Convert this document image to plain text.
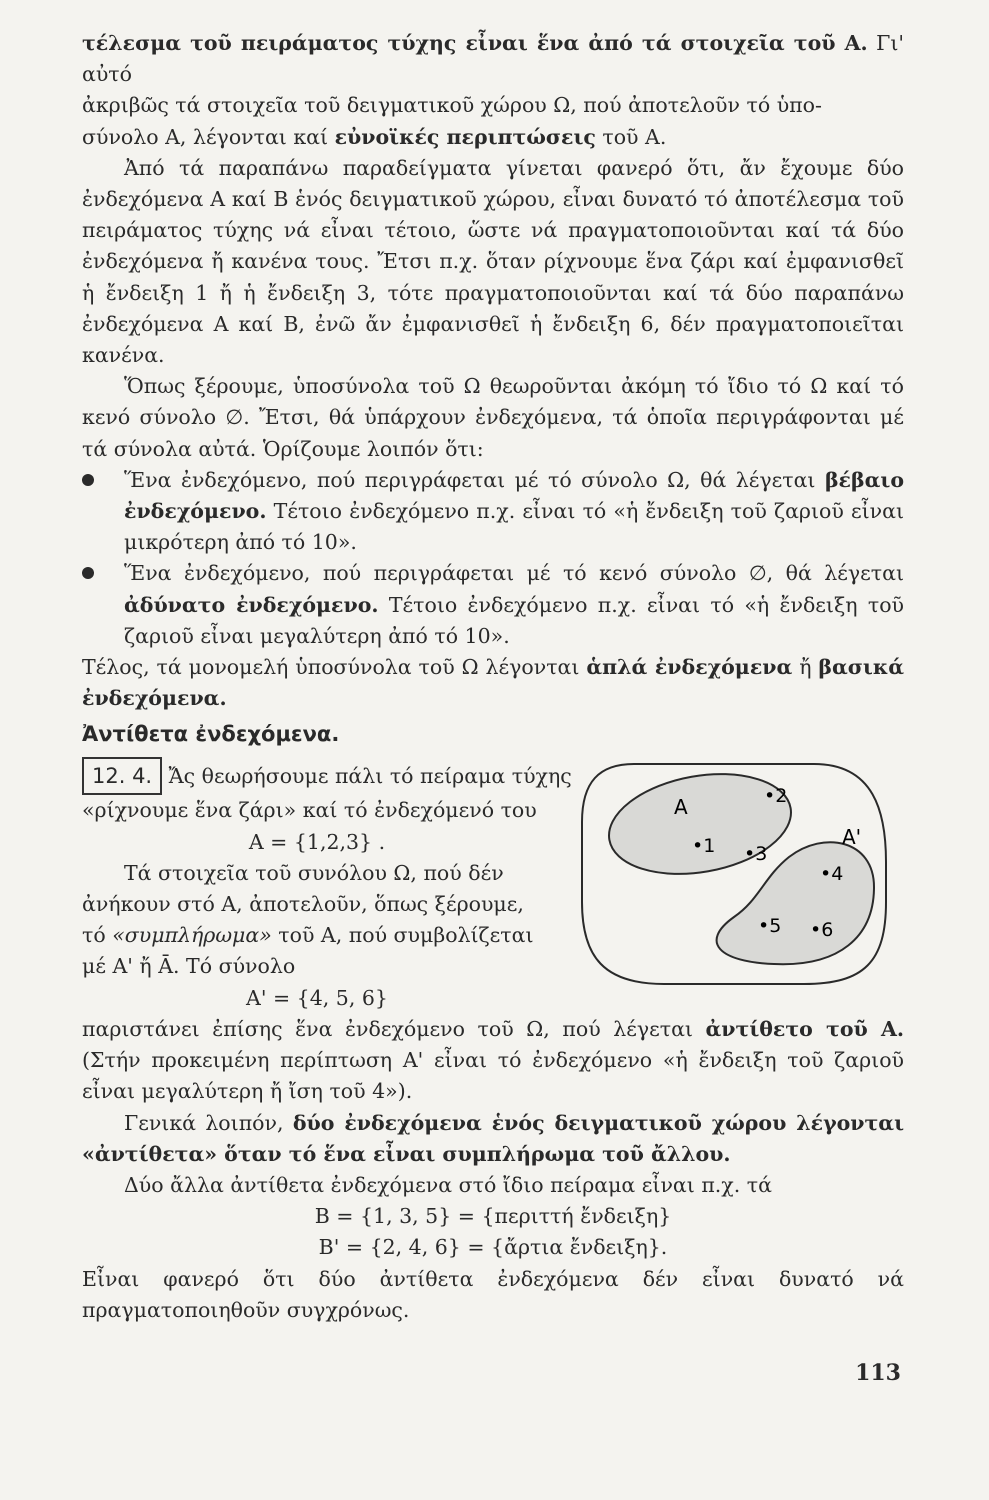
τέλεσμα τοῦ πειράματος τύχης εἶναι ἕνα ἀπό τά στοιχεῖα τοῦ Α. Γι' αὐτό

ἀκριβῶς τά στοιχεῖα τοῦ δειγματικοῦ χώρου Ω, πού ἀποτελοῦν τό ὑπο-

σύνολο Α, λέγονται καί εὐνοϊκές περιπτώσεις τοῦ Α.

Ἀπό τά παραπάνω παραδείγματα γίνεται φανερό ὅτι, ἄν ἔχουμε δύο ἐνδεχόμενα Α καί Β ἑνός δειγματικοῦ χώρου, εἶναι δυνατό τό ἀποτέλεσμα τοῦ πειράματος τύχης νά εἶναι τέτοιο, ὥστε νά πραγματοποιοῦνται καί τά δύο ἐνδεχόμενα ἤ κανένα τους. Ἔτσι π.χ. ὅταν ρίχνουμε ἕνα ζάρι καί ἐμφανισθεῖ ἡ ἔνδειξη 1 ἤ ἡ ἔνδειξη 3, τότε πραγματοποιοῦνται καί τά δύο παραπάνω ἐνδεχόμενα Α καί Β, ἐνῶ ἄν ἐμφανισθεῖ ἡ ἔνδειξη 6, δέν πραγματοποιεῖται κανένα.

Ὅπως ξέρουμε, ὑποσύνολα τοῦ Ω θεωροῦνται ἀκόμη τό ἴδιο τό Ω καί τό κενό σύνολο ∅. Ἔτσι, θά ὑπάρχουν ἐνδεχόμενα, τά ὁποῖα περιγράφονται μέ τά σύνολα αὐτά. Ὁρίζουμε λοιπόν ὅτι:

Ἕνα ἐνδεχόμενο, πού περιγράφεται μέ τό σύνολο Ω, θά λέγεται βέβαιο ἐνδεχόμενο. Τέτοιο ἐνδεχόμενο π.χ. εἶναι τό «ἡ ἔνδειξη τοῦ ζαριοῦ εἶναι μικρότερη ἀπό τό 10».
Ἕνα ἐνδεχόμενο, πού περιγράφεται μέ τό κενό σύνολο ∅, θά λέγεται ἀδύνατο ἐνδεχόμενο. Τέτοιο ἐνδεχόμενο π.χ. εἶναι τό «ἡ ἔνδειξη τοῦ ζαριοῦ εἶναι μεγαλύτερη ἀπό τό 10».

Τέλος, τά μονομελή ὑποσύνολα τοῦ Ω λέγονται ἁπλά ἐνδεχόμενα ἤ βασικά ἐνδεχόμενα.

Ἀντίθετα ἐνδεχόμενα.

12. 4. Ἄς θεωρήσουμε πάλι τό πείραμα τύχης

«ρίχνουμε ἕνα ζάρι» καί τό ἐνδεχόμενό του

Α = {1,2,3} .

Τά στοιχεῖα τοῦ συνόλου Ω, πού δέν

ἀνήκουν στό Α, ἀποτελοῦν, ὅπως ξέρουμε,

τό «συμπλήρωμα» τοῦ Α, πού συμβολίζεται

μέ Α' ἤ Ā. Τό σύνολο

Α' = {4, 5, 6}

παριστάνει ἐπίσης ἕνα ἐνδεχόμενο τοῦ Ω, πού λέγεται ἀντίθετο τοῦ Α. (Στήν προκειμένη περίπτωση Α' εἶναι τό ἐνδεχόμενο «ἡ ἔνδειξη τοῦ ζαριοῦ εἶναι μεγαλύτερη ἤ ἴση τοῦ 4»).

Γενικά λοιπόν, δύο ἐνδεχόμενα ἑνός δειγματικοῦ χώρου λέγονται «ἀντίθετα» ὅταν τό ἕνα εἶναι συμπλήρωμα τοῦ ἄλλου.

Δύο ἄλλα ἀντίθετα ἐνδεχόμενα στό ἴδιο πείραμα εἶναι π.χ. τά

Β = {1, 3, 5} = {περιττή ἔνδειξη}

Β' = {2, 4, 6} = {ἄρτια ἔνδειξη}.

Εἶναι φανερό ὅτι δύο ἀντίθετα ἐνδεχόμενα δέν εἶναι δυνατό νά πραγματοποιηθοῦν συγχρόνως.

Α
Α'
•2
•1 •3
•4
•5 •6
113
